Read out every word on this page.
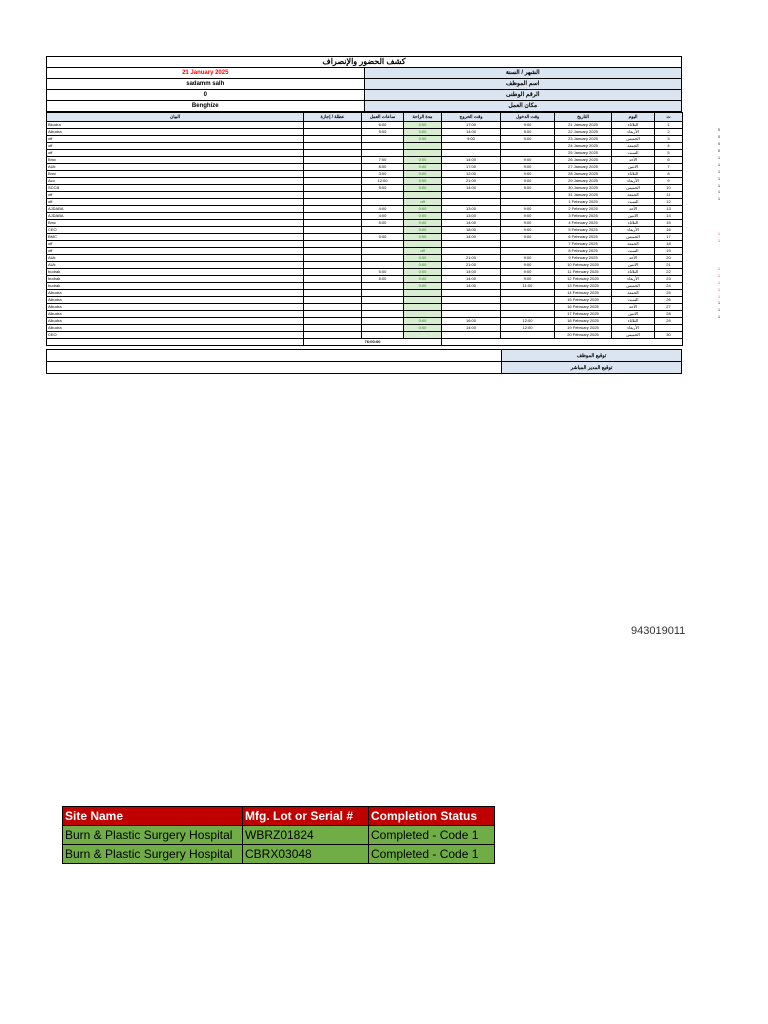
كشف الحضور والإنصراف	
21 January 2025	الشهر / السنة
sadamm salh	اسم الموظف
0	الرقم الوطنى
Benghize	مكان العمل
البيان	عطلة / إجازة	ساعات العمل	مدة الراحة	وقت الخروج	وقت الدخول	التاريخ	اليوم	ت
Bkudra		6:00	0:00	17:00	9:00	21 January 2025	الثلاثاء	1
Alkudra		5:00	0:00	14:00	9:00	22 January 2025	الأربعاء	2
off			0:00	9:00	9:00	23 January 2025	الخميس	3
off						24 January 2025	الجمعة	4
off						25 January 2025	السبت	5
Bmc		7:00	0:00	14:00	9:00	26 January 2025	الأحد	6
AUk		8:00	0:00	17:00	9:00	27 January 2025	الاثنين	7
Bmc		3:00	0:00	12:00	9:00	28 January 2025	الثلاثاء	8
Aco		12:00	0:00	21:00	9:00	29 January 2025	الأربعاء	9
SCCB		5:00	0:00	14:00	9:00	30 January 2025	الخميس	10
off						31 January 2025	الجمعة	11
off			off			1 February 2025	السبت	12
AJDABA		4:00	0:00	13:00	9:00	2 February 2025	الأحد	13
AJDABA		4:00	0:00	13:00	9:00	3 February 2025	الاثنين	14
Bmc		5:00	0:00	14:00	9:00	4 February 2025	الثلاثاء	15
CEO			0:00	18:00	9:00	5 February 2025	الأربعاء	16
BMC		5:00	0:00	14:00	9:00	6 February 2025	الخميس	17
off						7 February 2025	الجمعة	18
off			off			8 February 2025	السبت	19
AUk			0:00	21:00	9:00	9 February 2025	الأحد	20
AUk			0:00	21:00	9:00	10 February 2025	الاثنين	21
budrak		5:00	0:00	14:00	9:00	11 February 2025	الثلاثاء	22
budrak		5:00	0:00	14:00	9:00	12 February 2025	الأربعاء	23
budrak			0:00	14:00	11:00	13 February 2025	الخميس	24
Alkudra						14 February 2025	الجمعة	25
Alkudra						15 February 2025	السبت	26
Alkudra						16 February 2025	الأحد	27
Alkudra						17 February 2025	الاثنين	28
Alkudra			0:00	16:00	12:00	18 February 2025	الثلاثاء	29
Alkudra			0:00	14:00	12:00	19 February 2025	الأربعاء	
CEO						20 February 2025	الخميس	30
	76:00:00							
	توقيع الموظف
	توقيع المدير المباشر
0
0
0
0
1
1
1
1
1
1
1
1
1
1
1
1
1
1
1
1
1
943019011
Site Name	Mfg. Lot or Serial #	Completion Status
Burn & Plastic Surgery Hospital	WBRZ01824	Completed - Code 1
Burn & Plastic Surgery Hospital	CBRX03048	Completed - Code 1
